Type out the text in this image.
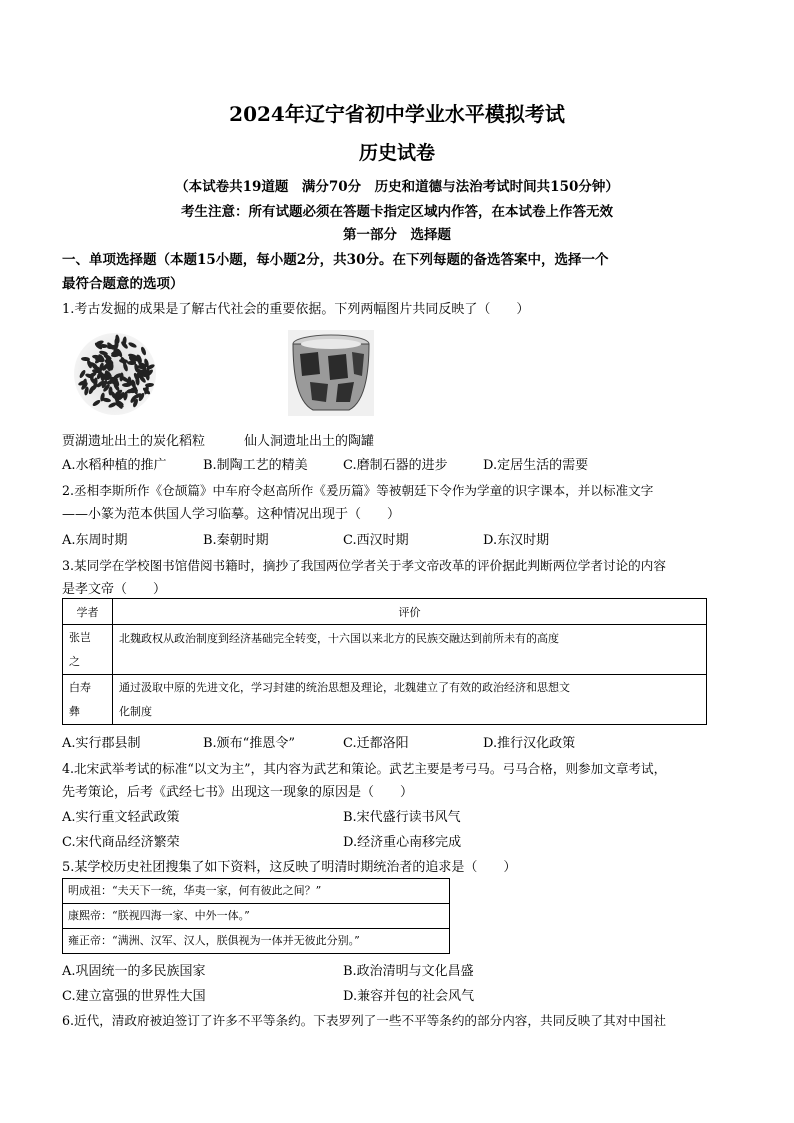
2024年辽宁省初中学业水平模拟考试
历史试卷
（本试卷共19道题　满分70分　历史和道德与法治考试时间共150分钟）
考生注意：所有试题必须在答题卡指定区域内作答，在本试卷上作答无效
第一部分　选择题
一、单项选择题（本题15小题，每小题2分，共30分。在下列每题的备选答案中，选择一个
最符合题意的选项）
1.考古发掘的成果是了解古代社会的重要依据。下列两幅图片共同反映了（　　）
贾湖遗址出土的炭化稻粒　　　仙人洞遗址出土的陶罐
A.水稻种植的推广	B.制陶工艺的精美	C.磨制石器的进步	D.定居生活的需要
2.丞相李斯所作《仓颉篇》中车府令赵高所作《爰历篇》等被朝廷下令作为学童的识字课本，并以标准文字
——小篆为范本供国人学习临摹。这种情况出现于（　　）
A.东周时期	B.秦朝时期	C.西汉时期	D.东汉时期
3.某同学在学校图书馆借阅书籍时，摘抄了我国两位学者关于孝文帝改革的评价据此判断两位学者讨论的内容
是孝文帝（　　）
学者	评价
张岂
之	北魏政权从政治制度到经济基础完全转变，十六国以来北方的民族交融达到前所未有的高度
白寿
彝	通过汲取中原的先进文化，学习封建的统治思想及理论，北魏建立了有效的政治经济和思想文
化制度
A.实行郡县制	B.颁布“推恩令”	C.迁都洛阳	D.推行汉化政策
4.北宋武举考试的标准“以文为主”，其内容为武艺和策论。武艺主要是考弓马。弓马合格，则参加文章考试，
先考策论，后考《武经七书》出现这一现象的原因是（　　）
A.实行重文轻武政策	B.宋代盛行读书风气
C.宋代商品经济繁荣	D.经济重心南移完成
5.某学校历史社团搜集了如下资料，这反映了明清时期统治者的追求是（　　）
明成祖：“夫天下一统，华夷一家，何有彼此之间？”
康熙帝：“朕视四海一家、中外一体。”
雍正帝：“满洲、汉军、汉人，朕俱视为一体并无彼此分别。”
A.巩固统一的多民族国家	B.政治清明与文化昌盛
C.建立富强的世界性大国	D.兼容并包的社会风气
6.近代，清政府被迫签订了许多不平等条约。下表罗列了一些不平等条约的部分内容，共同反映了其对中国社
